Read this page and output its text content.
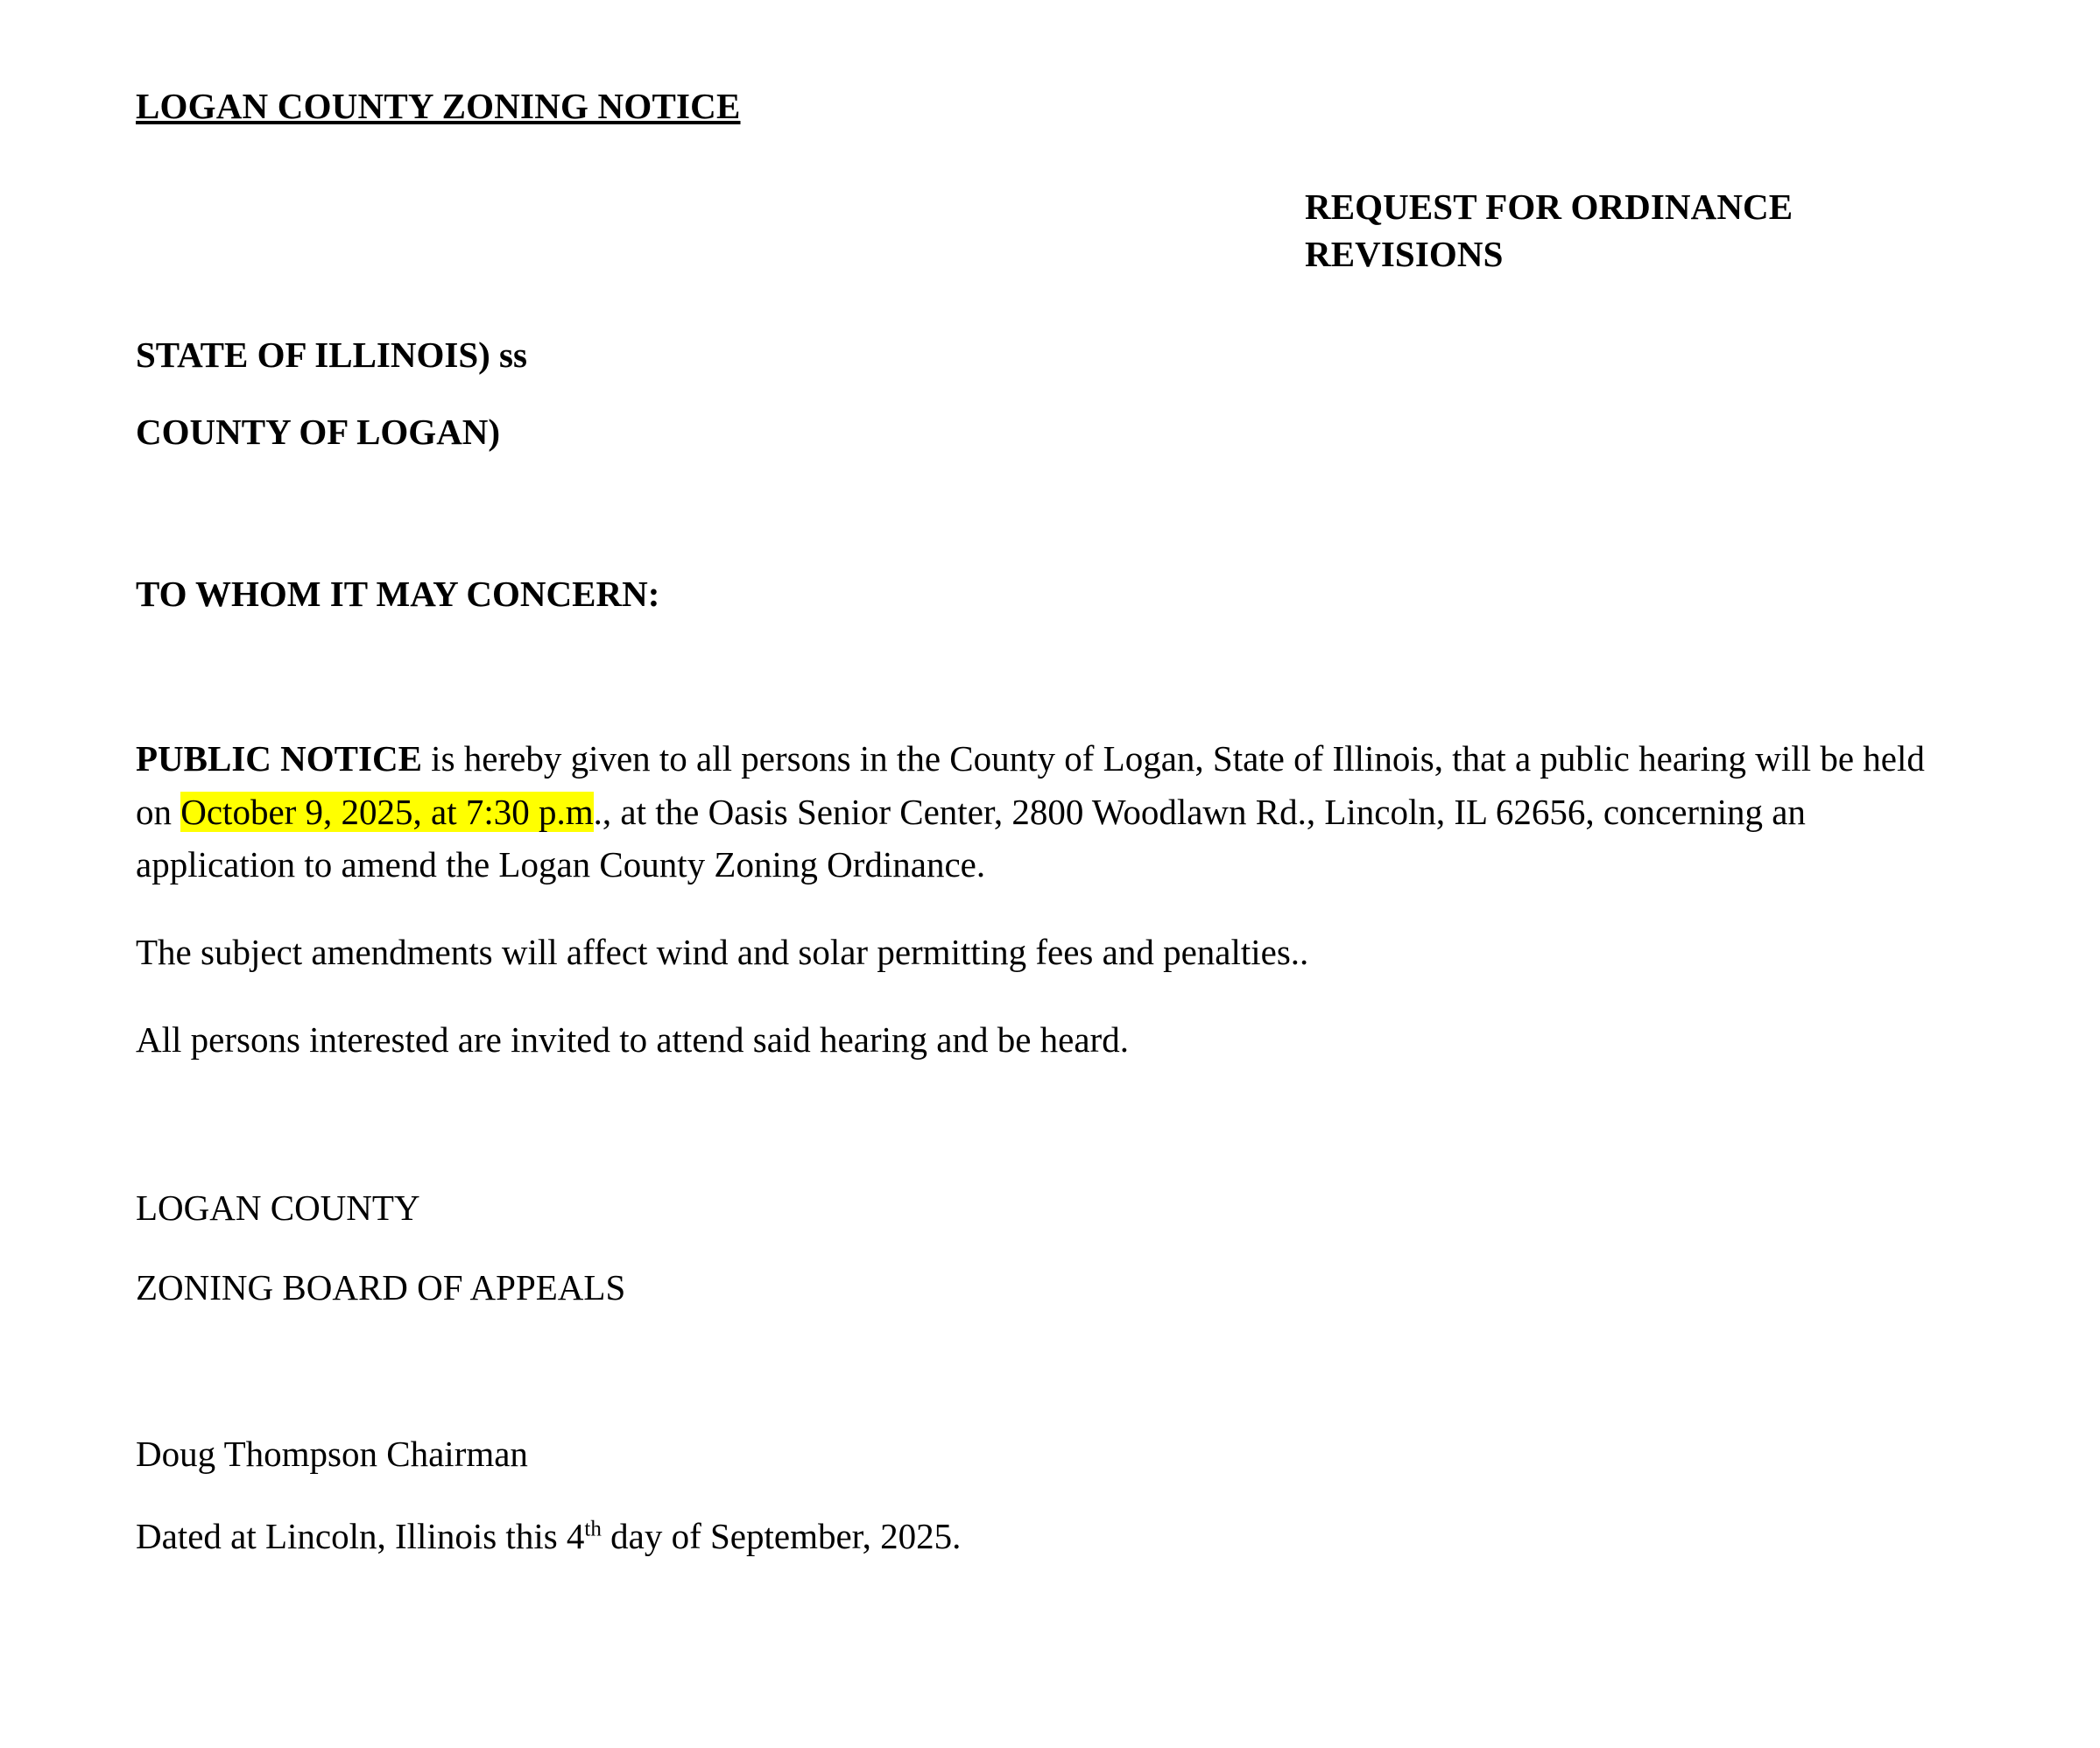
LOGAN COUNTY ZONING NOTICE
REQUEST FOR ORDINANCE
REVISIONS
STATE OF ILLINOIS) ss
COUNTY OF LOGAN)
TO WHOM IT MAY CONCERN:
PUBLIC NOTICE is hereby given to all persons in the County of Logan, State of Illinois, that a public hearing will be held on October 9, 2025, at 7:30 p.m., at the Oasis Senior Center, 2800 Woodlawn Rd., Lincoln, IL 62656, concerning an application to amend the Logan County Zoning Ordinance.
The subject amendments will affect wind and solar permitting fees and penalties..
All persons interested are invited to attend said hearing and be heard.
LOGAN COUNTY
ZONING BOARD OF APPEALS
Doug Thompson Chairman
Dated at Lincoln, Illinois this 4th day of September, 2025.
